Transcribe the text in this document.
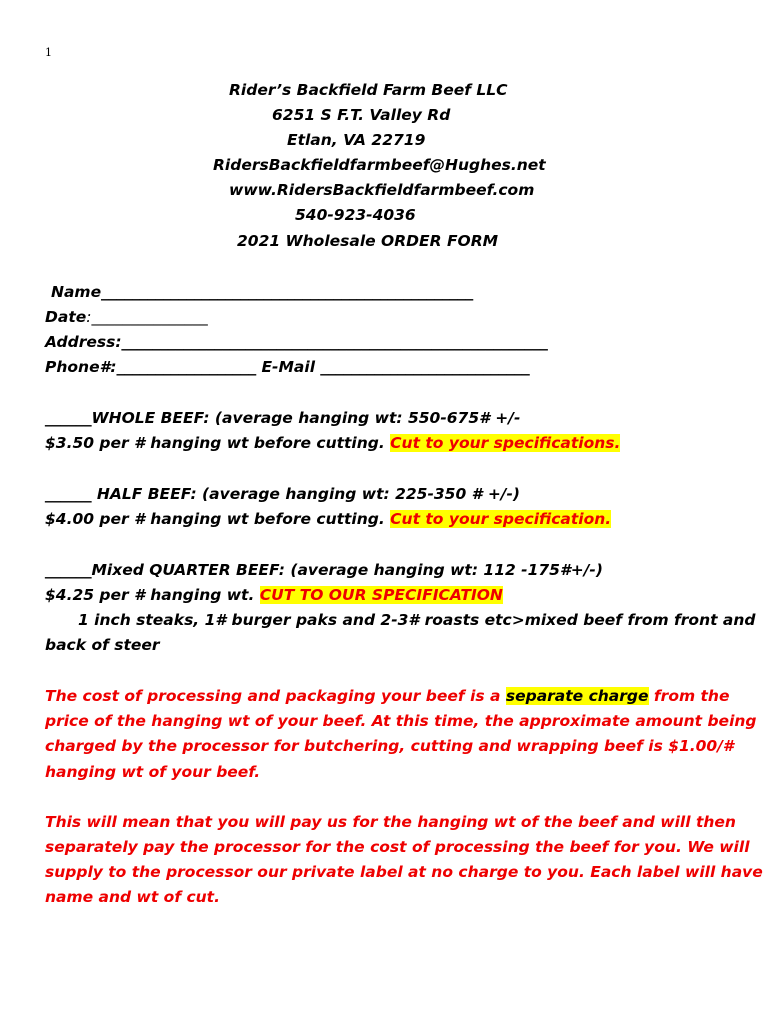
1
Rider’s Backfield Farm Beef LLC
6251 S F.T. Valley Rd
Etlan, VA 22719
RidersBackfieldfarmbeef@Hughes.net
www.RidersBackfieldfarmbeef.com
540-923-4036
2021 Wholesale ORDER FORM
Name________________________________________________
Date:_______________
Address:_______________________________________________________
Phone#:__________________ E-Mail ___________________________
______WHOLE BEEF: (average hanging wt: 550-675# +/-
$3.50 per # hanging wt before cutting. Cut to your specifications.
______ HALF BEEF: (average hanging wt: 225-350 # +/-)
$4.00 per # hanging wt before cutting. Cut to your specification.
______Mixed QUARTER BEEF: (average hanging wt: 112 -175#+/-)
$4.25 per # hanging wt. CUT TO OUR SPECIFICATION
1 inch steaks, 1# burger paks and 2-3# roasts etc>mixed beef from front and
back of steer
The cost of processing and packaging your beef is a separate charge from the
price of the hanging wt of your beef. At this time, the approximate amount being
charged by the processor for butchering, cutting and wrapping beef is $1.00/#
hanging wt of your beef.
This will mean that you will pay us for the hanging wt of the beef and will then
separately pay the processor for the cost of processing the beef for you. We will
supply to the processor our private label at no charge to you. Each label will have
name and wt of cut.
